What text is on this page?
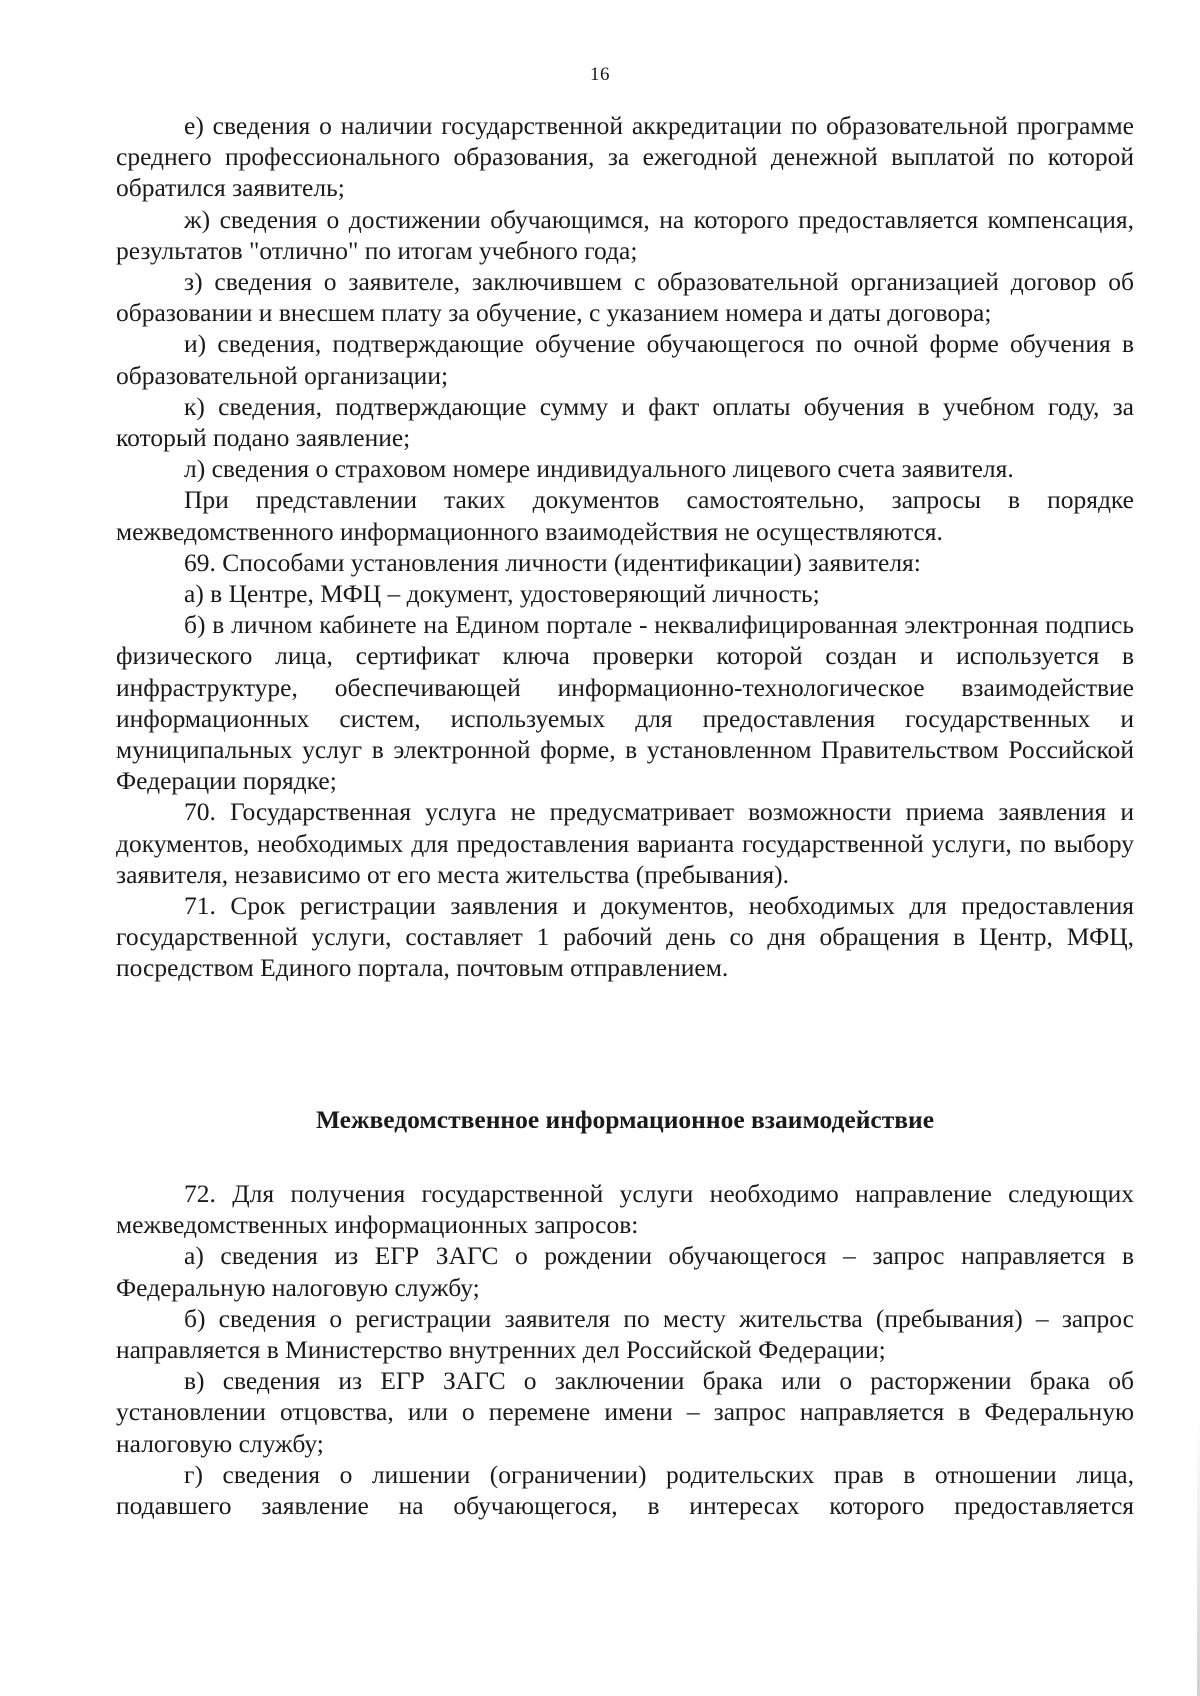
16

е) сведения о наличии государственной аккредитации по образовательной программе среднего профессионального образования, за ежегодной денежной выплатой по которой обратился заявитель;

ж) сведения о достижении обучающимся, на которого предоставляется компенсация, результатов "отлично" по итогам учебного года;

з) сведения о заявителе, заключившем с образовательной организацией договор об образовании и внесшем плату за обучение, с указанием номера и даты договора;

и) сведения, подтверждающие обучение обучающегося по очной форме обучения в образовательной организации;

к) сведения, подтверждающие сумму и факт оплаты обучения в учебном году, за который подано заявление;

л) сведения о страховом номере индивидуального лицевого счета заявителя.

При представлении таких документов самостоятельно, запросы в порядке межведомственного информационного взаимодействия не осуществляются.

69. Способами установления личности (идентификации) заявителя:

а) в Центре, МФЦ – документ, удостоверяющий личность;

б) в личном кабинете на Едином портале - неквалифицированная электронная подпись физического лица, сертификат ключа проверки которой создан и используется в инфраструктуре, обеспечивающей информационно-технологическое взаимодействие информационных систем, используемых для предоставления государственных и муниципальных услуг в электронной форме, в установленном Правительством Российской Федерации порядке;

70. Государственная услуга не предусматривает возможности приема заявления и документов, необходимых для предоставления варианта государственной услуги, по выбору заявителя, независимо от его места жительства (пребывания).

71. Срок регистрации заявления и документов, необходимых для предоставления государственной услуги, составляет 1 рабочий день со дня обращения в Центр, МФЦ, посредством Единого портала, почтовым отправлением.

Межведомственное информационное взаимодействие

72. Для получения государственной услуги необходимо направление следующих межведомственных информационных запросов:

а) сведения из ЕГР ЗАГС о рождении обучающегося – запрос направляется в Федеральную налоговую службу;

б) сведения о регистрации заявителя по месту жительства (пребывания) – запрос направляется в Министерство внутренних дел Российской Федерации;

в) сведения из ЕГР ЗАГС о заключении брака или о расторжении брака об установлении отцовства, или о перемене имени – запрос направляется в Федеральную налоговую службу;

г) сведения о лишении (ограничении) родительских прав в отношении лица, подавшего заявление на обучающегося, в интересах которого предоставляется
